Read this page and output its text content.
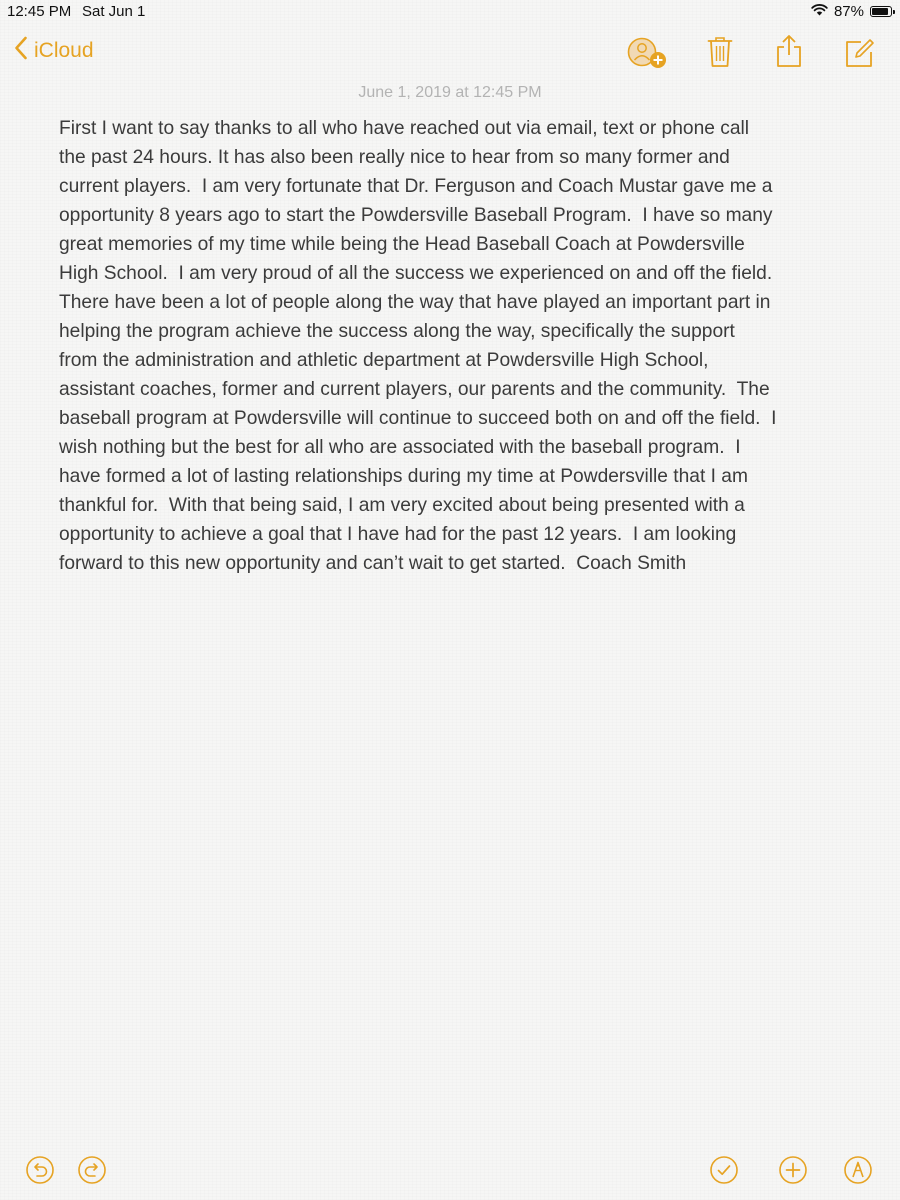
12:45 PM Sat Jun 1	87%
iCloud
June 1, 2019 at 12:45 PM
First I want to say thanks to all who have reached out via email, text or phone call
the past 24 hours. It has also been really nice to hear from so many former and
current players.  I am very fortunate that Dr. Ferguson and Coach Mustar gave me a
opportunity 8 years ago to start the Powdersville Baseball Program.  I have so many
great memories of my time while being the Head Baseball Coach at Powdersville
High School.  I am very proud of all the success we experienced on and off the field.
There have been a lot of people along the way that have played an important part in
helping the program achieve the success along the way, specifically the support
from the administration and athletic department at Powdersville High School,
assistant coaches, former and current players, our parents and the community.  The
baseball program at Powdersville will continue to succeed both on and off the field.  I
wish nothing but the best for all who are associated with the baseball program.  I
have formed a lot of lasting relationships during my time at Powdersville that I am
thankful for.  With that being said, I am very excited about being presented with a
opportunity to achieve a goal that I have had for the past 12 years.  I am looking
forward to this new opportunity and can’t wait to get started.  Coach Smith
